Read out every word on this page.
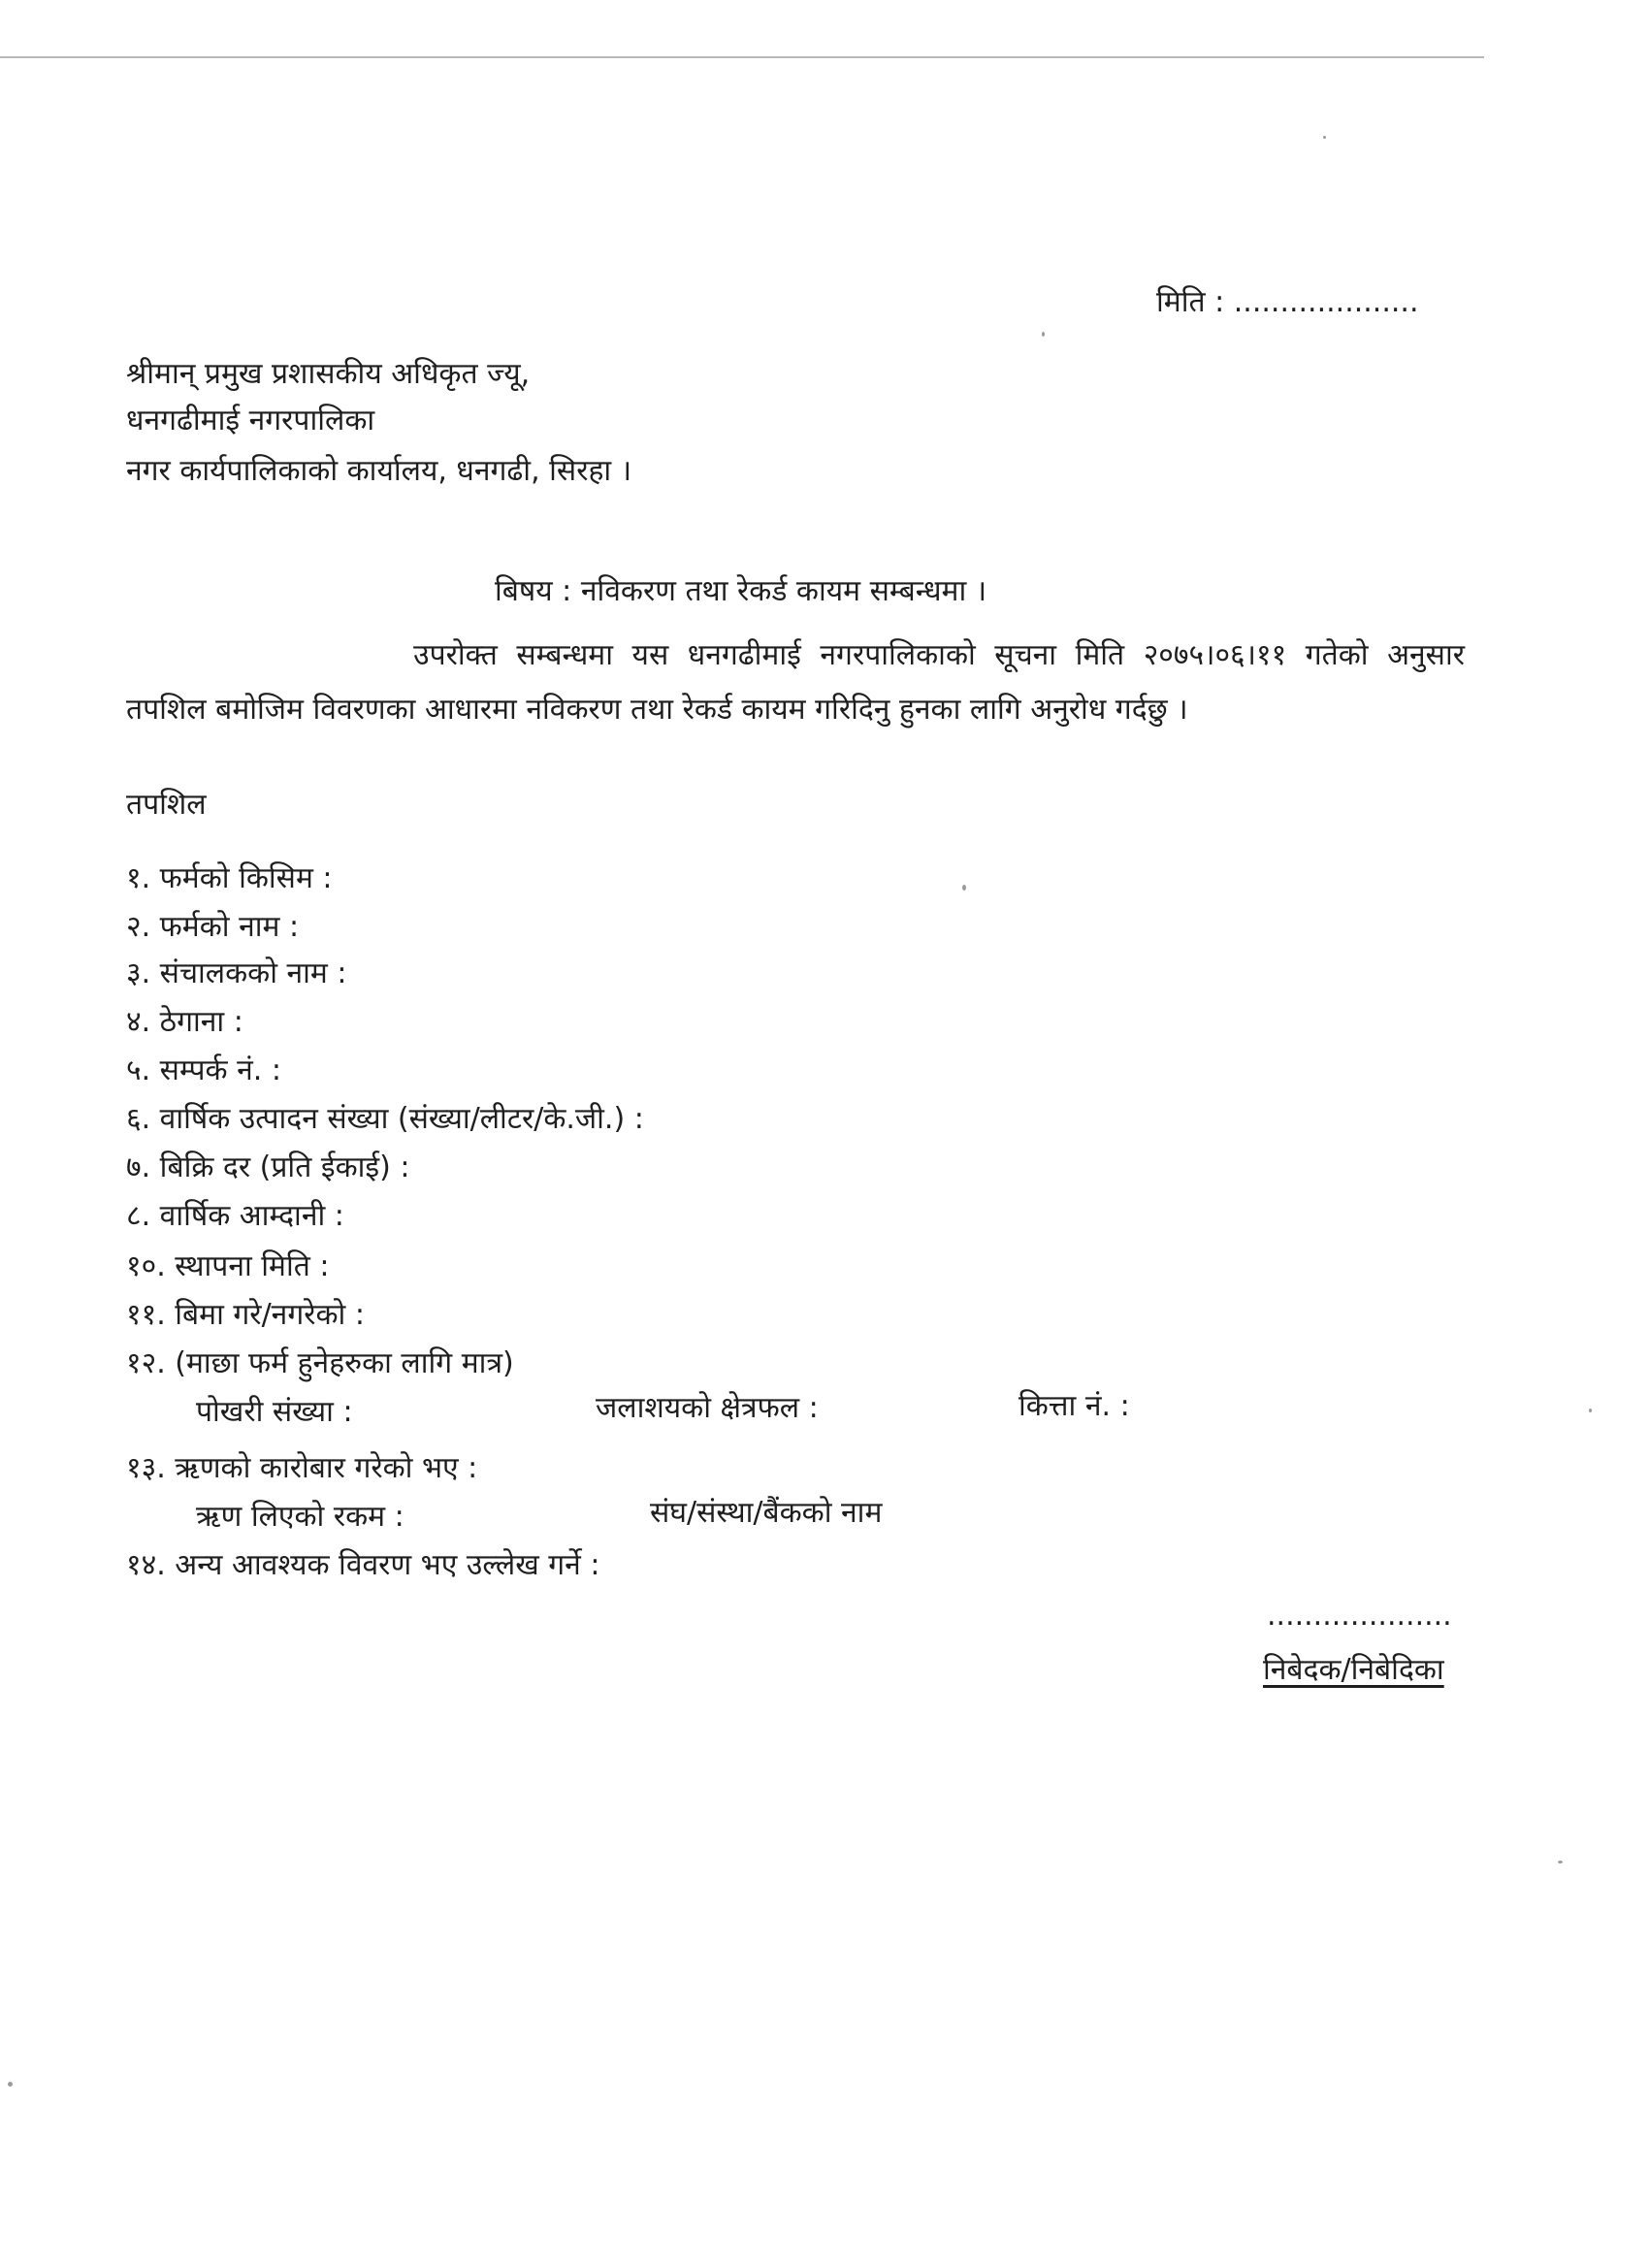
मिति : ....................
श्रीमान् प्रमुख प्रशासकीय अधिकृत ज्यू,
धनगढीमाई नगरपालिका
नगर कार्यपालिकाको कार्यालय, धनगढी, सिरहा ।
बिषय : नविकरण तथा रेकर्ड कायम सम्बन्धमा ।
उपरोक्त सम्बन्धमा यस धनगढीमाई नगरपालिकाको सूचना मिति २०७५।०६।११ गतेको अनुसार
तपशिल बमोजिम विवरणका आधारमा नविकरण तथा रेकर्ड कायम गरिदिनु हुनका लागि अनुरोध गर्दछु ।
तपशिल
१. फर्मको किसिम :
२. फर्मको नाम :
३. संचालकको नाम :
४. ठेगाना :
५. सम्पर्क नं. :
६. वार्षिक उत्पादन संख्या (संख्या/लीटर/के.जी.) :
७. बिक्रि दर (प्रति ईकाई) :
८. वार्षिक आम्दानी :
१०. स्थापना मिति :
११. बिमा गरे/नगरेको :
१२. (माछा फर्म हुनेहरुका लागि मात्र)
पोखरी संख्या :	जलाशयको क्षेत्रफल :	कित्ता नं. :
१३. ऋणको कारोबार गरेको भए :
ऋण लिएको रकम :	संघ/संस्था/बैंकको नाम
१४. अन्य आवश्यक विवरण भए उल्लेख गर्ने :
....................
निबेदक/निबेदिका
